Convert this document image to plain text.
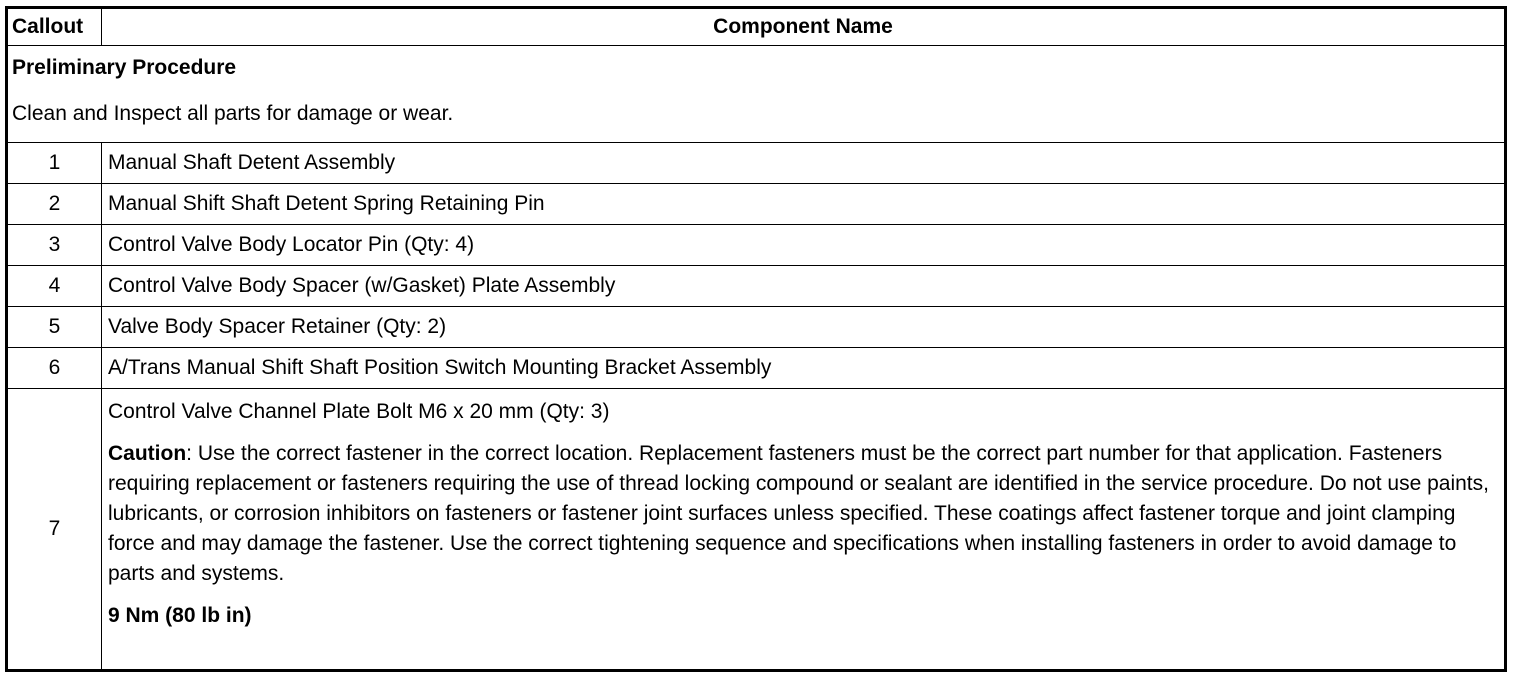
Callout	Component Name

Preliminary Procedure
Clean and Inspect all parts for damage or wear.	

1	Manual Shaft Detent Assembly
2	Manual Shift Shaft Detent Spring Retaining Pin
3	Control Valve Body Locator Pin (Qty: 4)
4	Control Valve Body Spacer (w/Gasket) Plate Assembly
5	Valve Body Spacer Retainer (Qty: 2)
6	A/Trans Manual Shift Shaft Position Switch Mounting Bracket Assembly
7	Control Valve Channel Plate Bolt M6 x 20 mm (Qty: 3)
Caution: Use the correct fastener in the correct location. Replacement fasteners must be the correct part number for that application. Fasteners requiring replacement or fasteners requiring the use of thread locking compound or sealant are identified in the service procedure. Do not use paints, lubricants, or corrosion inhibitors on fasteners or fastener joint surfaces unless specified. These coatings affect fastener torque and joint clamping force and may damage the fastener. Use the correct tightening sequence and specifications when installing fasteners in order to avoid damage to parts and systems.
9 Nm (80 lb in)
